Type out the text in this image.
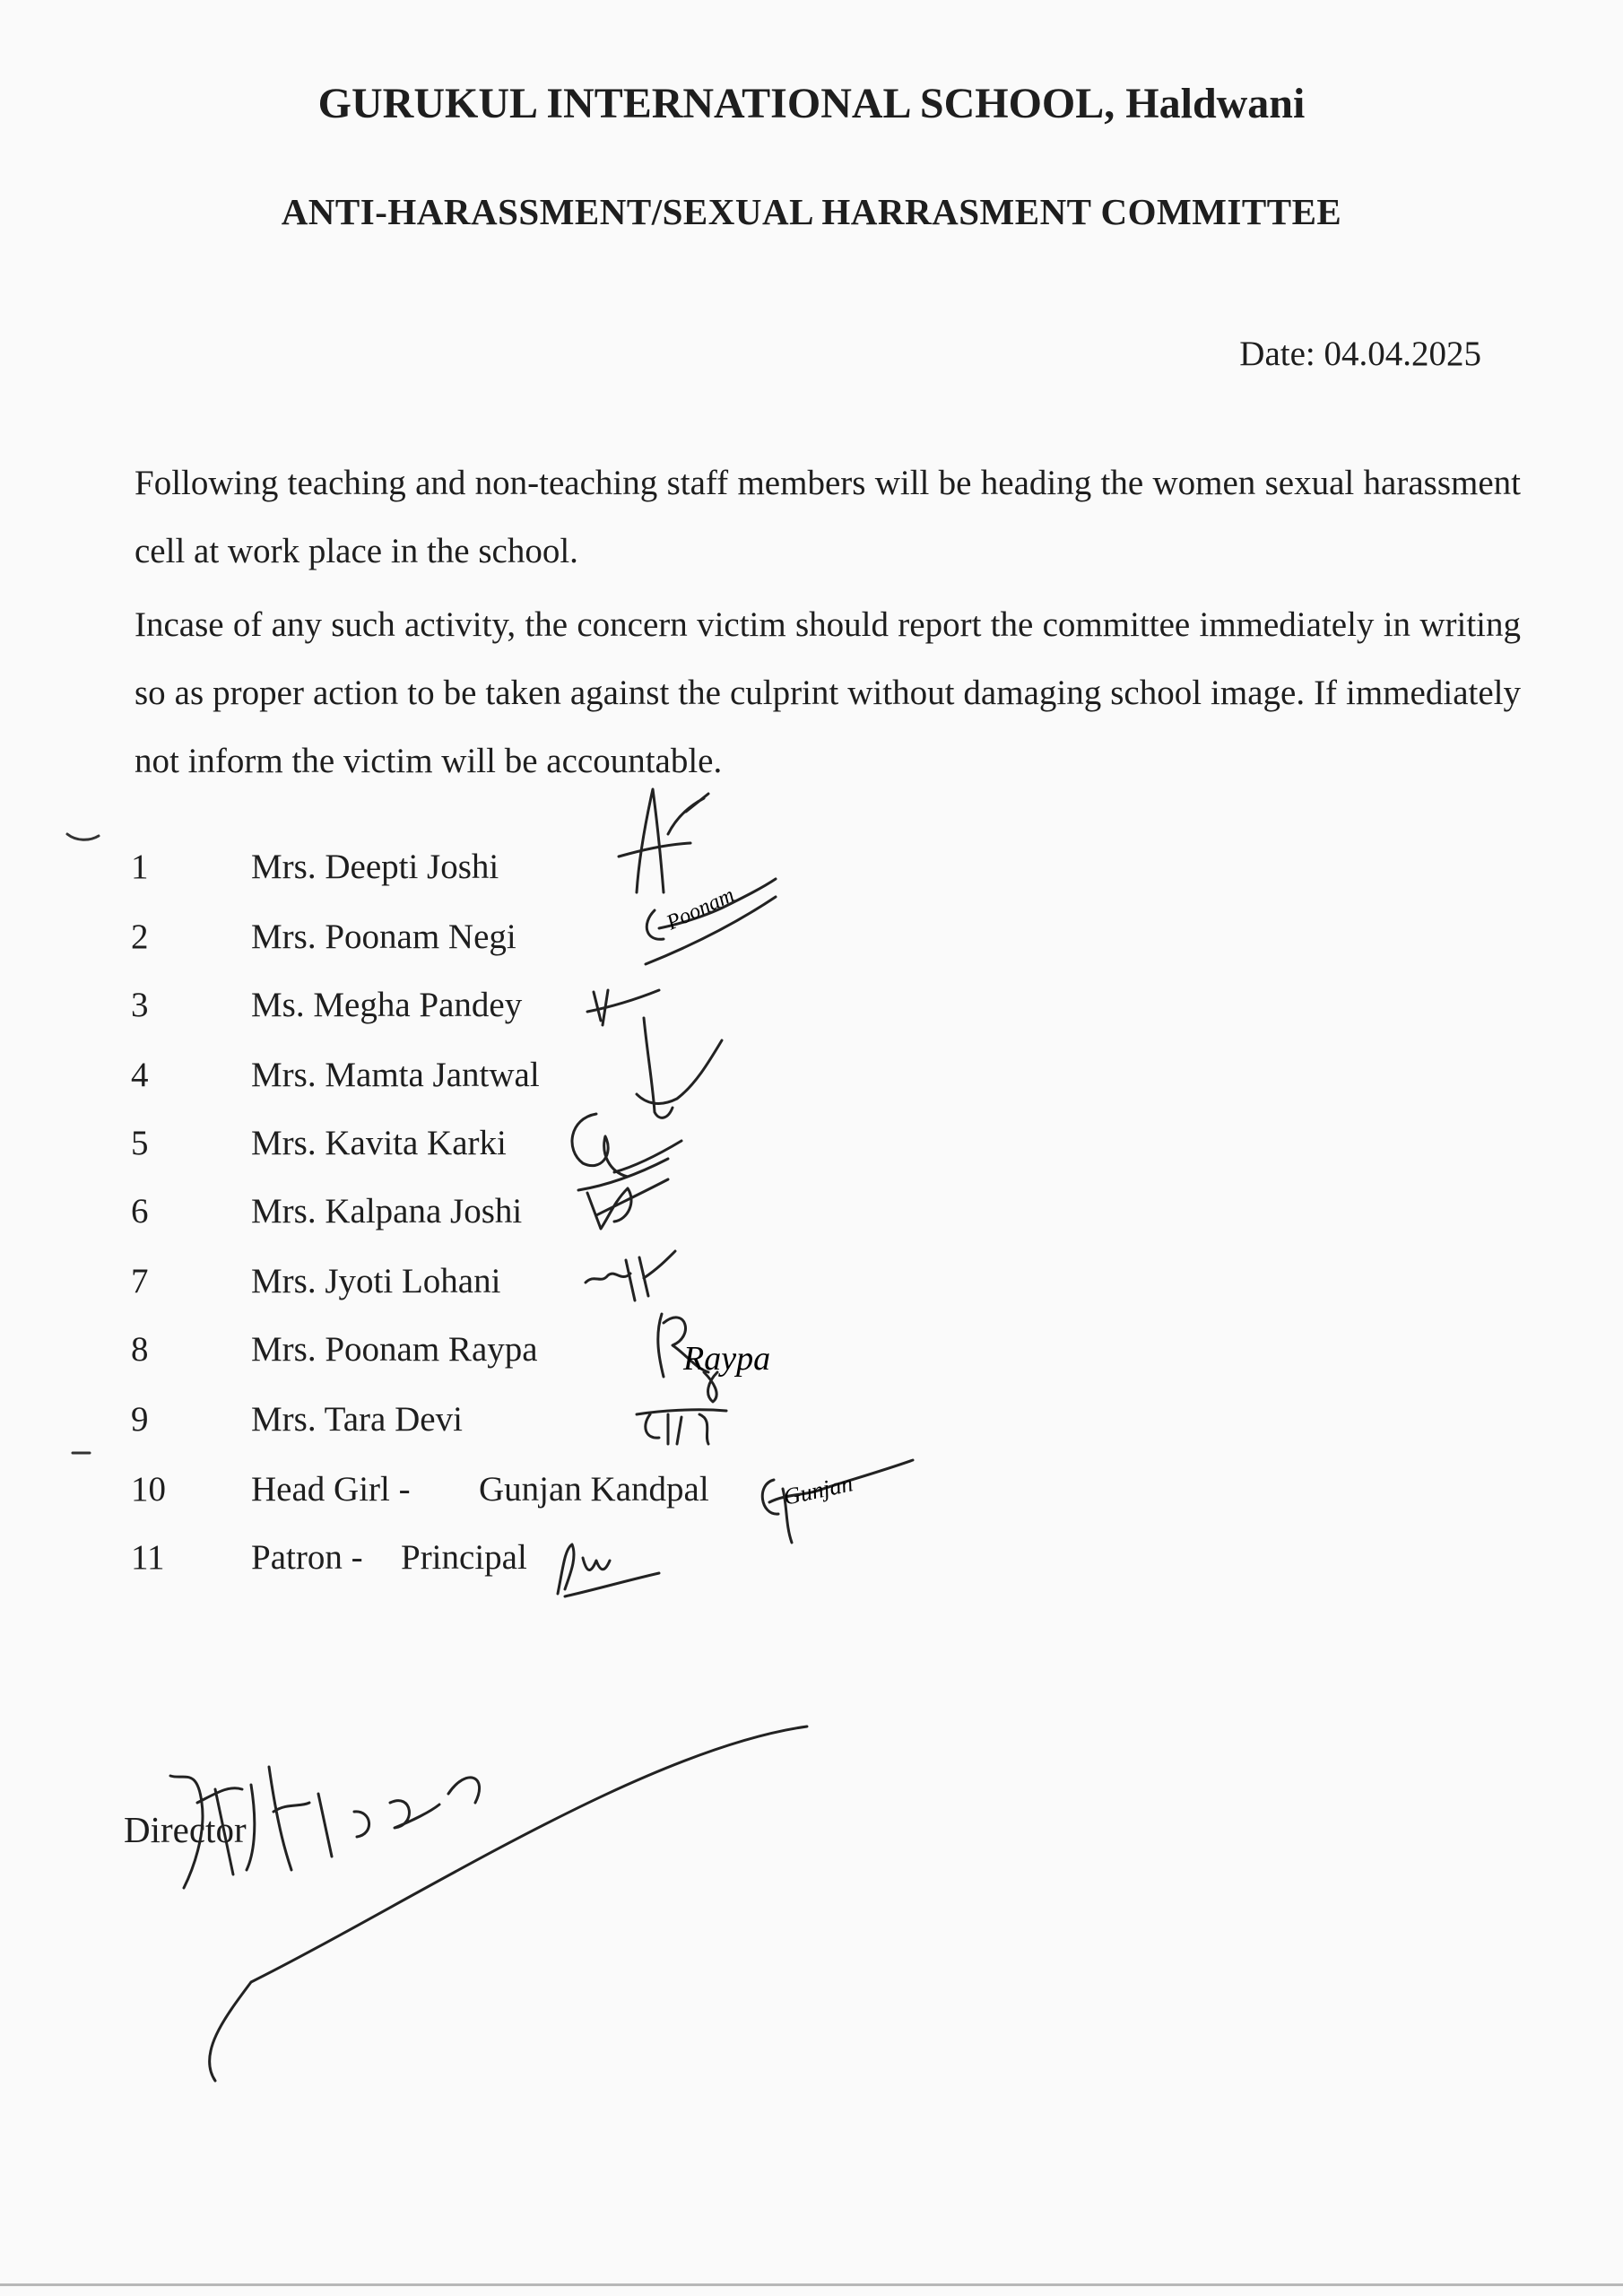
GURUKUL INTERNATIONAL SCHOOL, Haldwani
ANTI-HARASSMENT/SEXUAL HARRASMENT COMMITTEE
Date: 04.04.2025

Following teaching and non-teaching staff members will be heading the women sexual harassment cell at work place in the school.

Incase of any such activity, the concern victim should report the committee immediately in writing so as proper action to be taken against the culprint without damaging school image. If immediately not inform the victim will be accountable.

1	Mrs. Deepti Joshi
2	Mrs. Poonam Negi
3	Ms. Megha Pandey
4	Mrs. Mamta Jantwal
5	Mrs. Kavita Karki
6	Mrs. Kalpana Joshi
7	Mrs. Jyoti Lohani
8	Mrs. Poonam Raypa
9	Mrs. Tara Devi
10 Head Girl - Gunjan Kandpal
11 Patron - Principal
Poonam
Raypa
Gunjan
Director
